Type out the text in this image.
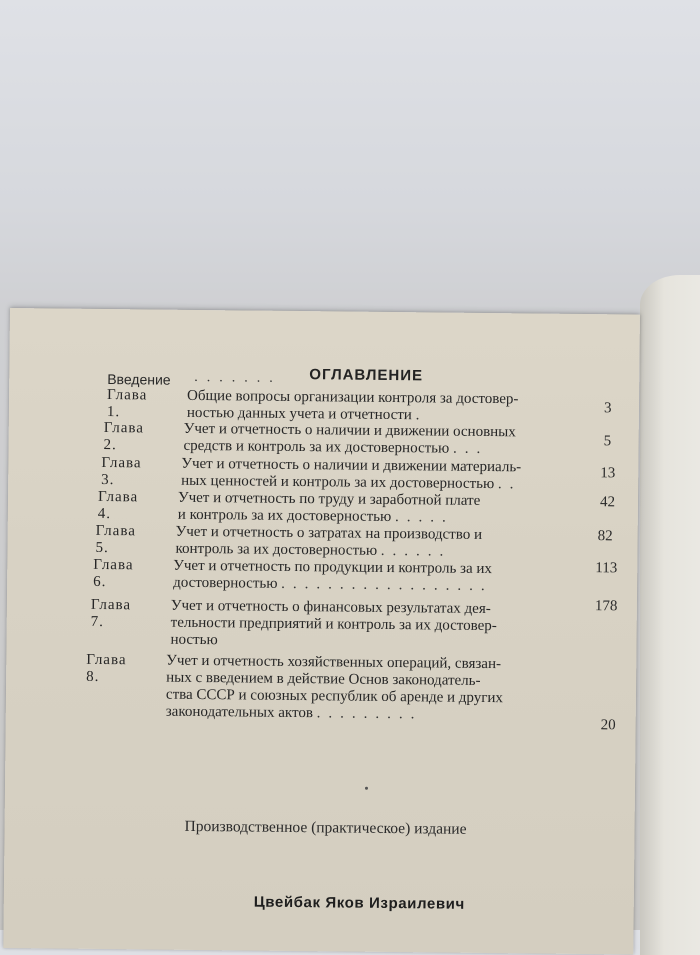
ОГЛАВЛЕНИЕ
Введение .......
Глава 1.
Общие вопросы организации контроля за достовер-
ностью данных учета и отчетности .	3
Глава 2.
Учет и отчетность о наличии и движении основных
средств и контроль за их достоверностью ...	5
Глава 3.
Учет и отчетность о наличии и движении материаль-
ных ценностей и контроль за их достоверностью ..
13
Глава 4.
Учет и отчетность по труду и заработной плате
и контроль за их достоверностью .....
42
Глава 5.
Учет и отчетность о затратах на производство и
контроль за их достоверностью ......
82
Глава 6.
Учет и отчетность по продукции и контроль за их
достоверностью ..................
113
Глава 7.
Учет и отчетность о финансовых результатах дея-
тельности предприятий и контроль за их достовер-
ностью
178
Глава 8.
Учет и отчетность хозяйственных операций, связан-
ных с введением в действие Основ законодатель-
ства СССР и союзных республик об аренде и других
законодательных актов .........
20
Производственное (практическое) издание
Цвейбак Яков Израилевич
